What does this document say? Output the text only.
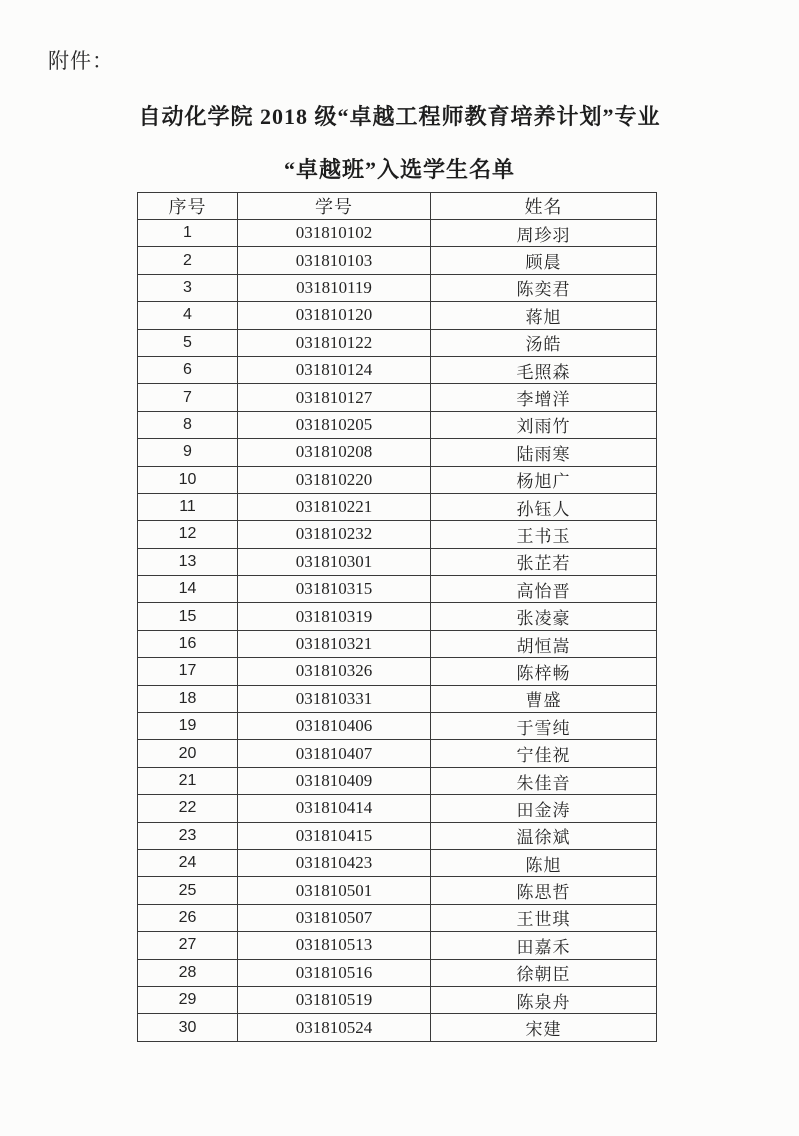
附件：
自动化学院 2018 级“卓越工程师教育培养计划”专业
“卓越班”入选学生名单
序号	学号	姓名
1	031810102	周珍羽
2	031810103	顾晨
3	031810119	陈奕君
4	031810120	蒋旭
5	031810122	汤皓
6	031810124	毛照森
7	031810127	李增洋
8	031810205	刘雨竹
9	031810208	陆雨寒
10	031810220	杨旭广
11	031810221	孙钰人
12	031810232	王书玉
13	031810301	张芷若
14	031810315	高怡晋
15	031810319	张凌豪
16	031810321	胡恒嵩
17	031810326	陈梓畅
18	031810331	曹盛
19	031810406	于雪纯
20	031810407	宁佳祝
21	031810409	朱佳音
22	031810414	田金涛
23	031810415	温徐斌
24	031810423	陈旭
25	031810501	陈思哲
26	031810507	王世琪
27	031810513	田嘉禾
28	031810516	徐朝臣
29	031810519	陈泉舟
30	031810524	宋建
